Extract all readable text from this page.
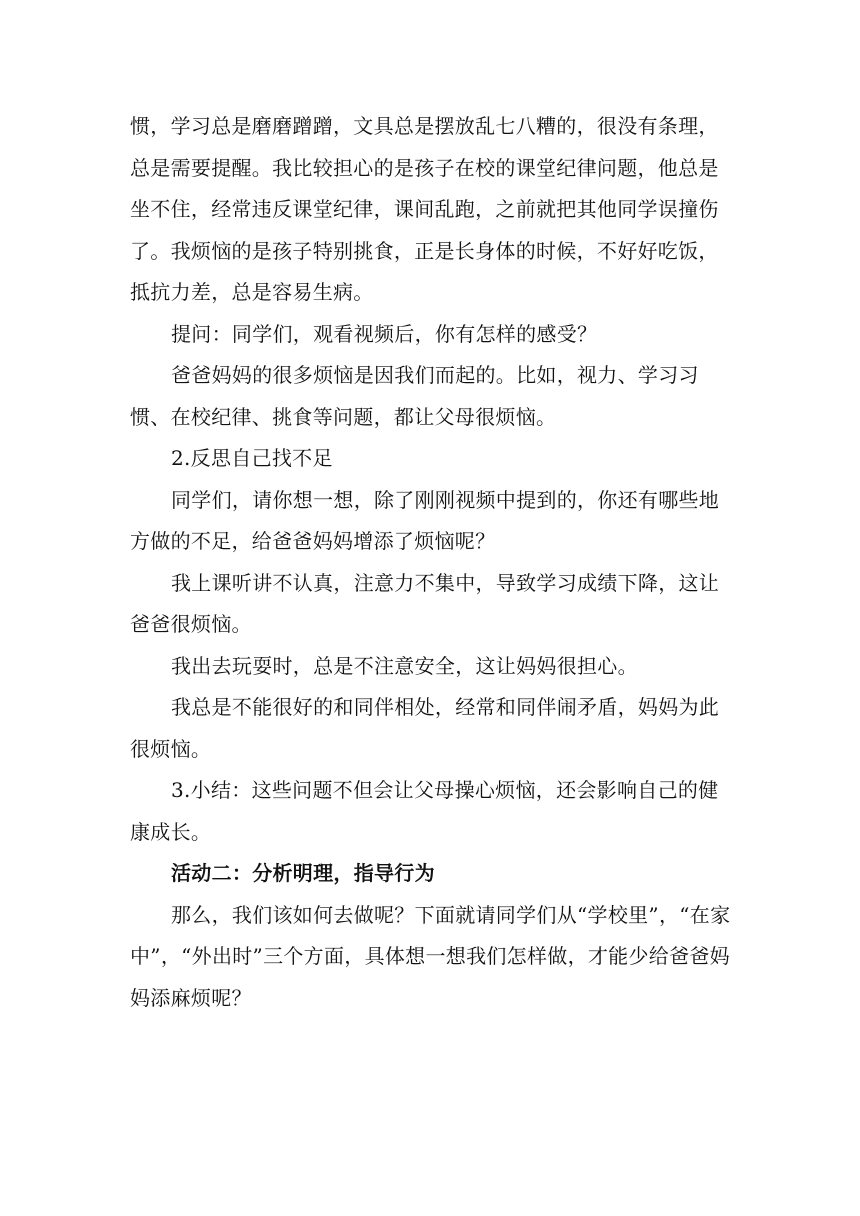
惯，学习总是磨磨蹭蹭，文具总是摆放乱七八糟的，很没有条理，总是需要提醒。我比较担心的是孩子在校的课堂纪律问题，他总是坐不住，经常违反课堂纪律，课间乱跑，之前就把其他同学误撞伤了。我烦恼的是孩子特别挑食，正是长身体的时候，不好好吃饭，抵抗力差，总是容易生病。

提问：同学们，观看视频后，你有怎样的感受？

爸爸妈妈的很多烦恼是因我们而起的。比如，视力、学习习惯、在校纪律、挑食等问题，都让父母很烦恼。

2.反思自己找不足

同学们，请你想一想，除了刚刚视频中提到的，你还有哪些地方做的不足，给爸爸妈妈增添了烦恼呢？

我上课听讲不认真，注意力不集中，导致学习成绩下降，这让爸爸很烦恼。

我出去玩耍时，总是不注意安全，这让妈妈很担心。

我总是不能很好的和同伴相处，经常和同伴闹矛盾，妈妈为此很烦恼。

3.小结：这些问题不但会让父母操心烦恼，还会影响自己的健康成长。

活动二：分析明理，指导行为

那么，我们该如何去做呢？下面就请同学们从“学校里”，“在家中”，“外出时”三个方面，具体想一想我们怎样做，才能少给爸爸妈妈添麻烦呢？
